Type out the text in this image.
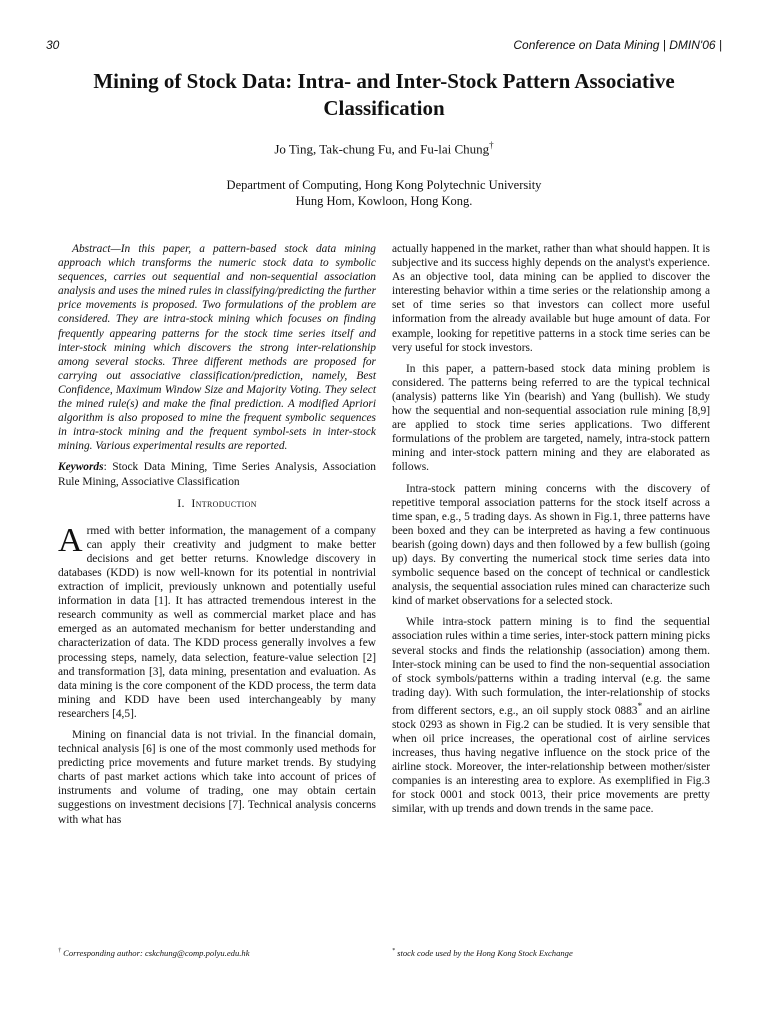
30	Conference on Data Mining | DMIN'06 |
Mining of Stock Data: Intra- and Inter-Stock Pattern Associative Classification
Jo Ting, Tak-chung Fu, and Fu-lai Chung†
Department of Computing, Hong Kong Polytechnic University
Hung Hom, Kowloon, Hong Kong.

Abstract—In this paper, a pattern-based stock data mining approach which transforms the numeric stock data to symbolic sequences, carries out sequential and non-sequential association analysis and uses the mined rules in classifying/predicting the further price movements is proposed. Two formulations of the problem are considered. They are intra-stock mining which focuses on finding frequently appearing patterns for the stock time series itself and inter-stock mining which discovers the strong inter-relationship among several stocks. Three different methods are proposed for carrying out associative classification/prediction, namely, Best Confidence, Maximum Window Size and Majority Voting. They select the mined rule(s) and make the final prediction. A modified Apriori algorithm is also proposed to mine the frequent symbolic sequences in intra-stock mining and the frequent symbol-sets in inter-stock mining. Various experimental results are reported.

Keywords: Stock Data Mining, Time Series Analysis, Association Rule Mining, Associative Classification

I. Introduction

Armed with better information, the management of a company can apply their creativity and judgment to make better decisions and get better returns. Knowledge discovery in databases (KDD) is now well-known for its potential in nontrivial extraction of implicit, previously unknown and potentially useful information in data [1]. It has attracted tremendous interest in the research community as well as commercial market place and has emerged as an automated mechanism for better understanding and characterization of data. The KDD process generally involves a few processing steps, namely, data selection, feature-value selection [2] and transformation [3], data mining, presentation and evaluation. As data mining is the core component of the KDD process, the term data mining and KDD have been used interchangeably by many researchers [4,5].

Mining on financial data is not trivial. In the financial domain, technical analysis [6] is one of the most commonly used methods for predicting price movements and future market trends. By studying charts of past market actions which take into account of prices of instruments and volume of trading, one may obtain certain suggestions on investment decisions [7]. Technical analysis concerns with what has

actually happened in the market, rather than what should happen. It is subjective and its success highly depends on the analyst's experience. As an objective tool, data mining can be applied to discover the interesting behavior within a time series or the relationship among a set of time series so that investors can collect more useful information from the already available but huge amount of data. For example, looking for repetitive patterns in a stock time series can be very useful for stock investors.

In this paper, a pattern-based stock data mining problem is considered. The patterns being referred to are the typical technical (analysis) patterns like Yin (bearish) and Yang (bullish). We study how the sequential and non-sequential association rule mining [8,9] are applied to stock time series applications. Two different formulations of the problem are targeted, namely, intra-stock pattern mining and inter-stock pattern mining and they are elaborated as follows.

Intra-stock pattern mining concerns with the discovery of repetitive temporal association patterns for the stock itself across a time span, e.g., 5 trading days. As shown in Fig.1, three patterns have been boxed and they can be interpreted as having a few continuous bearish (going down) days and then followed by a few bullish (going up) days. By converting the numerical stock time series data into symbolic sequence based on the concept of technical or candlestick analysis, the sequential association rules mined can characterize such kind of market observations for a selected stock.

While intra-stock pattern mining is to find the sequential association rules within a time series, inter-stock pattern mining picks several stocks and finds the relationship (association) among them. Inter-stock mining can be used to find the non-sequential association of stock symbols/patterns within a trading interval (e.g. the same trading day). With such formulation, the inter-relationship of stocks from different sectors, e.g., an oil supply stock 0883* and an airline stock 0293 as shown in Fig.2 can be studied. It is very sensible that when oil price increases, the operational cost of airline services increases, thus having negative influence on the stock price of the airline stock. Moreover, the inter-relationship between mother/sister companies is an interesting area to explore. As exemplified in Fig.3 for stock 0001 and stock 0013, their price movements are pretty similar, with up trends and down trends in the same pace.

† Corresponding author: cskchung@comp.polyu.edu.hk	* stock code used by the Hong Kong Stock Exchange
